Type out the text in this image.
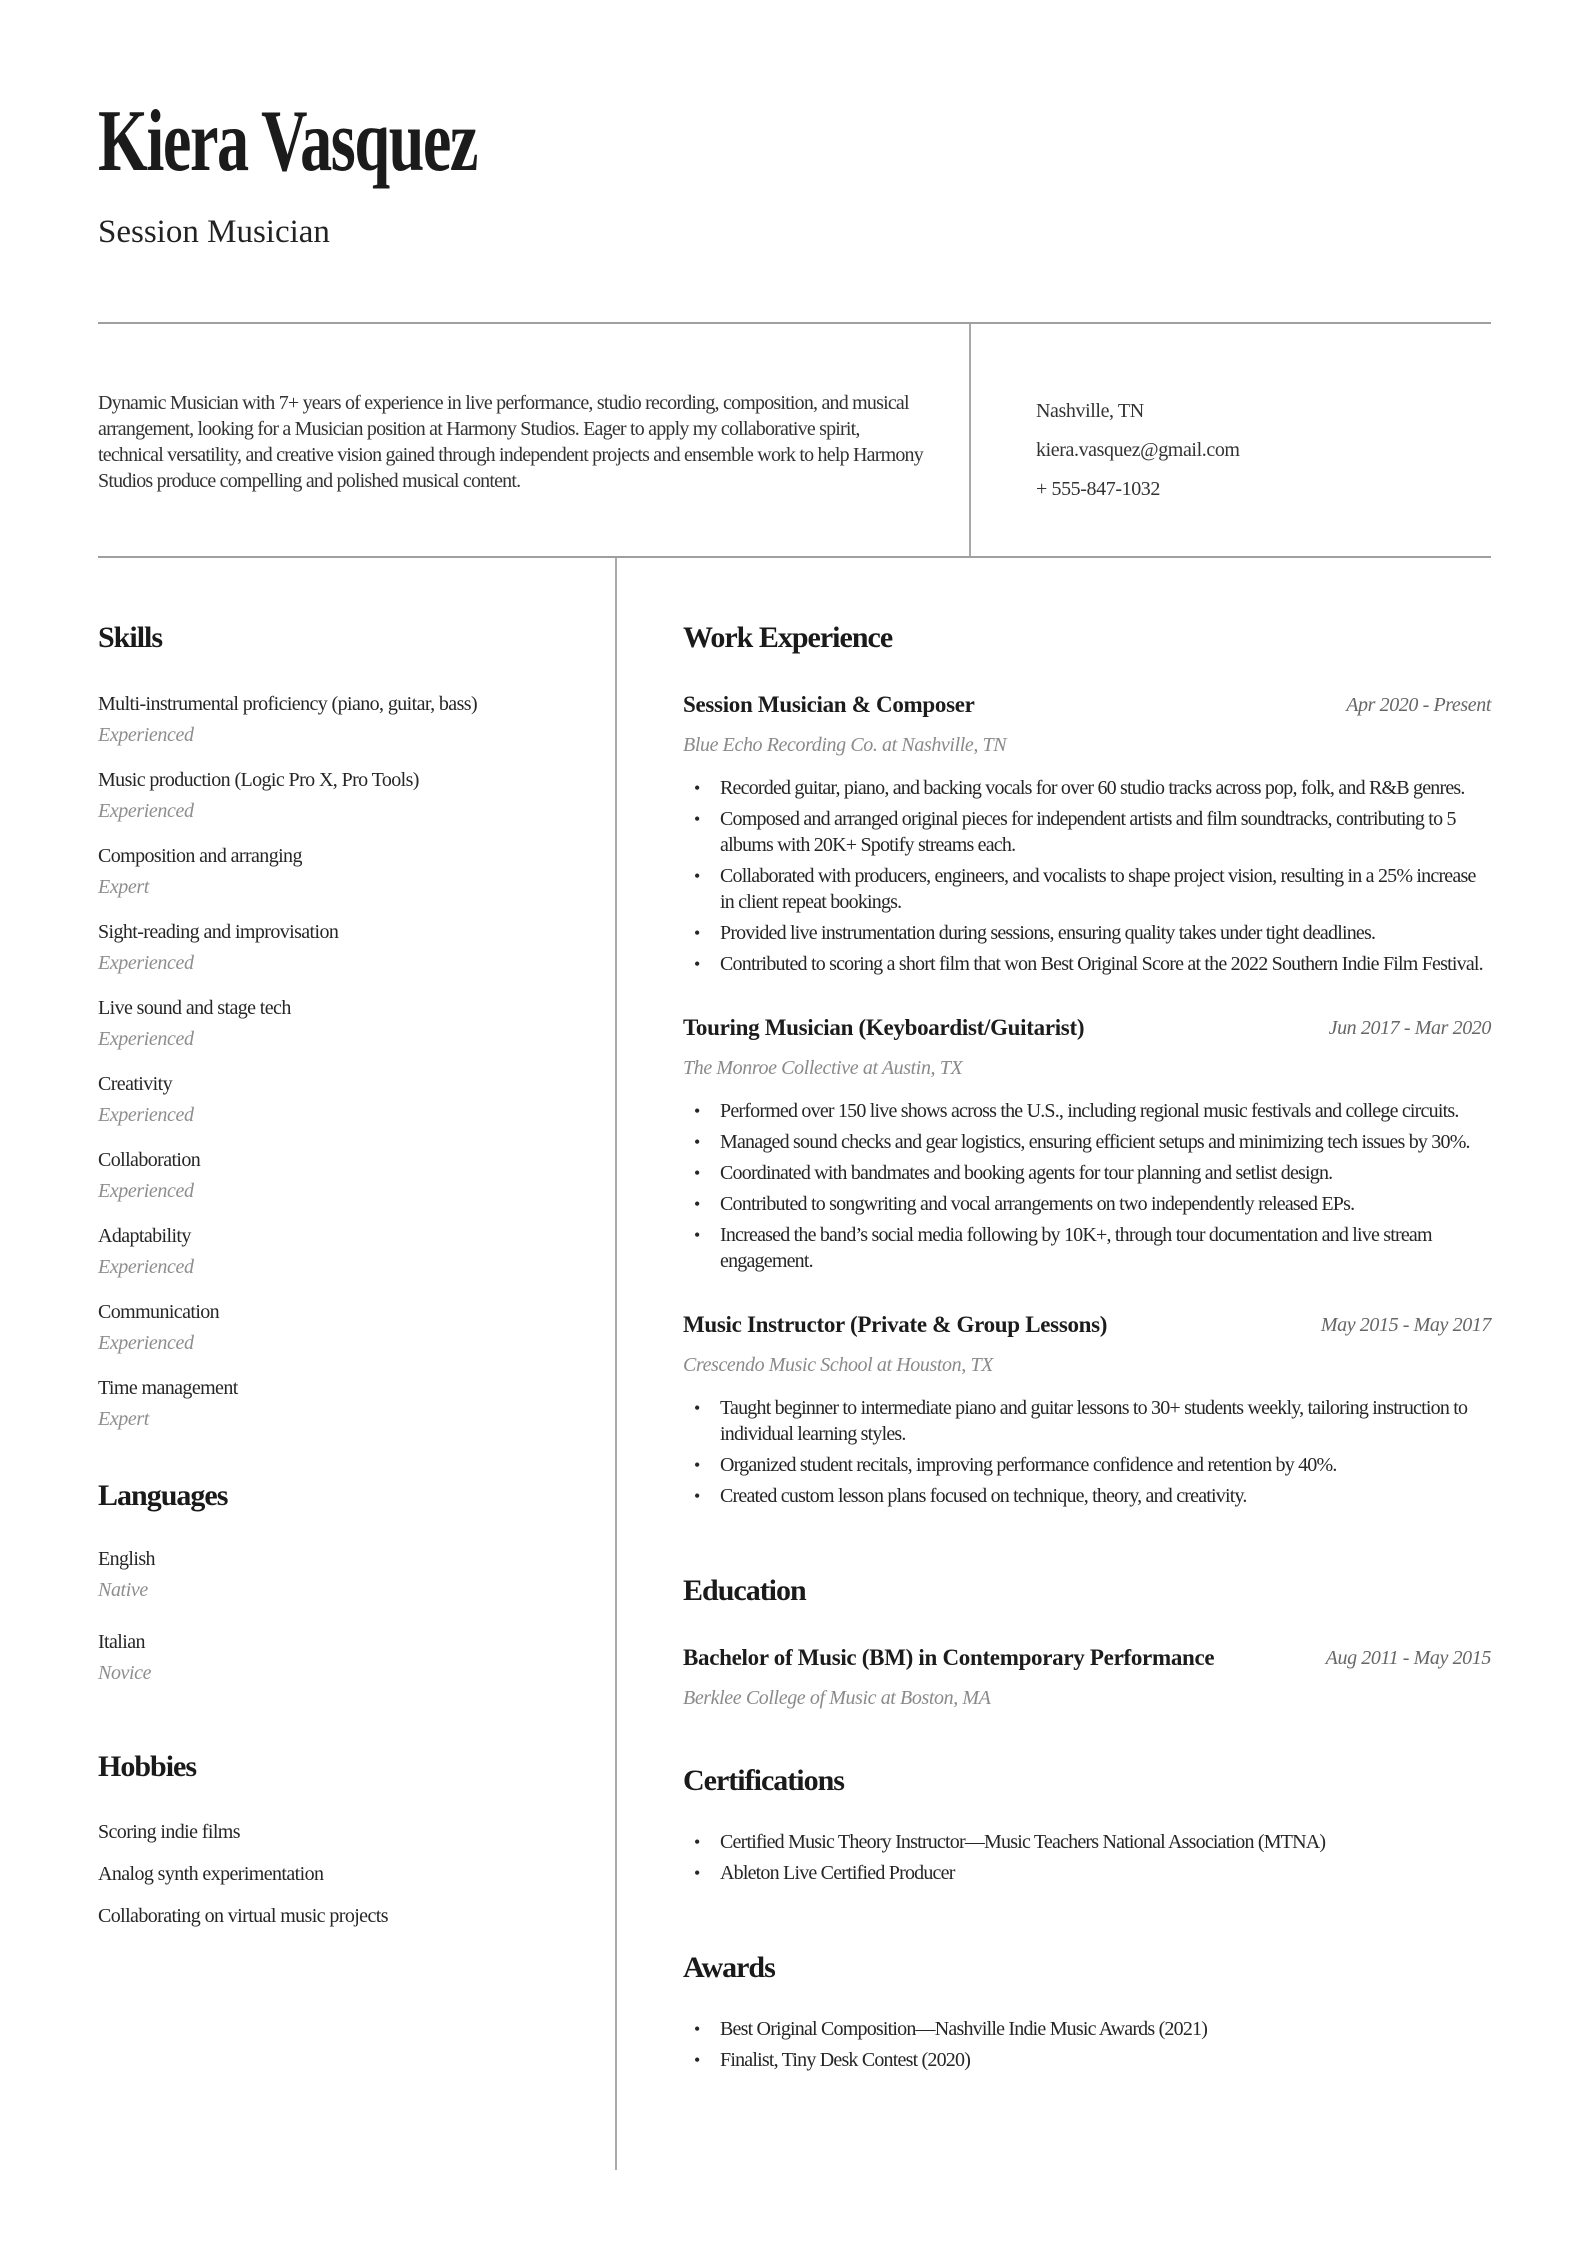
Kiera Vasquez
Session Musician

Dynamic Musician with 7+ years of experience in live performance, studio recording, composition, and musical arrangement, looking for a Musician position at Harmony Studios. Eager to apply my collaborative spirit, technical versatility, and creative vision gained through independent projects and ensemble work to help Harmony Studios produce compelling and polished musical content.

Nashville, TN
kiera.vasquez@gmail.com
+ 555-847-1032
Skills
Multi-instrumental proficiency (piano, guitar, bass)
Experienced
Music production (Logic Pro X, Pro Tools)
Experienced
Composition and arranging
Expert
Sight-reading and improvisation
Experienced
Live sound and stage tech
Experienced
Creativity
Experienced
Collaboration
Experienced
Adaptability
Experienced
Communication
Experienced
Time management
Expert
Languages
English
Native
Italian
Novice
Hobbies
Scoring indie films
Analog synth experimentation
Collaborating on virtual music projects
Work Experience
Session Musician & Composer	Apr 2020 - Present
Blue Echo Recording Co. at Nashville, TN
• Recorded guitar, piano, and backing vocals for over 60 studio tracks across pop, folk, and R&B genres.
• Composed and arranged original pieces for independent artists and film soundtracks, contributing to 5 albums with 20K+ Spotify streams each.
• Collaborated with producers, engineers, and vocalists to shape project vision, resulting in a 25% increase in client repeat bookings.
• Provided live instrumentation during sessions, ensuring quality takes under tight deadlines.
• Contributed to scoring a short film that won Best Original Score at the 2022 Southern Indie Film Festival.
Touring Musician (Keyboardist/Guitarist)	Jun 2017 - Mar 2020
The Monroe Collective at Austin, TX
• Performed over 150 live shows across the U.S., including regional music festivals and college circuits.
• Managed sound checks and gear logistics, ensuring efficient setups and minimizing tech issues by 30%.
• Coordinated with bandmates and booking agents for tour planning and setlist design.
• Contributed to songwriting and vocal arrangements on two independently released EPs.
• Increased the band’s social media following by 10K+, through tour documentation and live stream engagement.
Music Instructor (Private & Group Lessons)	May 2015 - May 2017
Crescendo Music School at Houston, TX
• Taught beginner to intermediate piano and guitar lessons to 30+ students weekly, tailoring instruction to individual learning styles.
• Organized student recitals, improving performance confidence and retention by 40%.
• Created custom lesson plans focused on technique, theory, and creativity.
Education
Bachelor of Music (BM) in Contemporary Performance	Aug 2011 - May 2015
Berklee College of Music at Boston, MA
Certifications
• Certified Music Theory Instructor—Music Teachers National Association (MTNA)
• Ableton Live Certified Producer
Awards
• Best Original Composition—Nashville Indie Music Awards (2021)
• Finalist, Tiny Desk Contest (2020)
